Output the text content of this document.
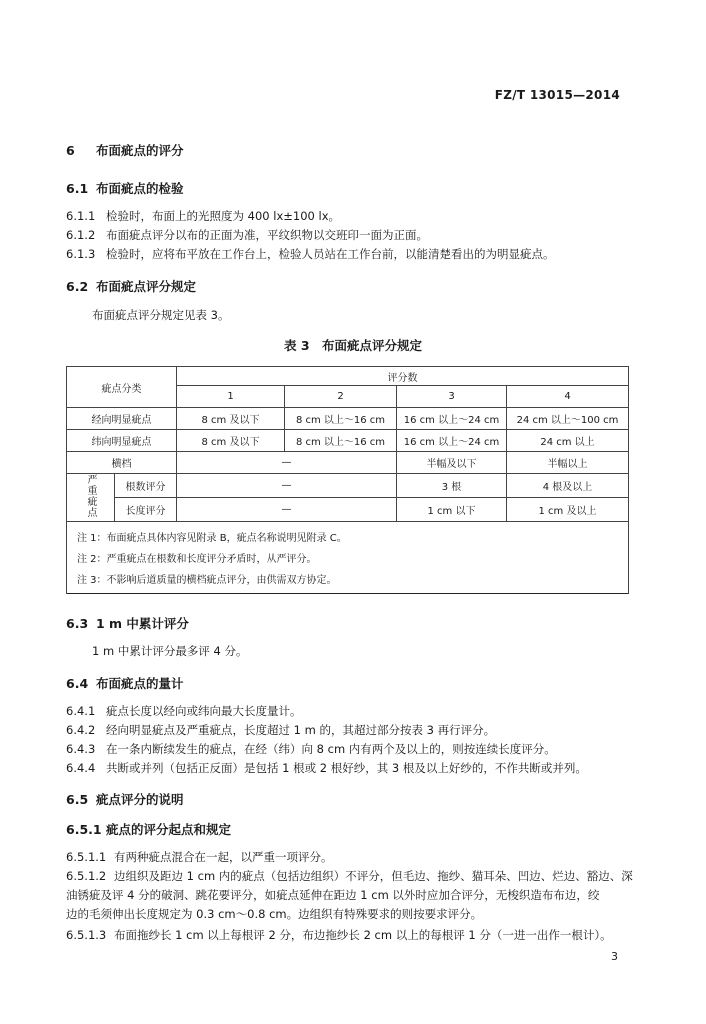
FZ/T 13015—2014
6 布面疵点的评分
6.1 布面疵点的检验
6.1.1 检验时，布面上的光照度为 400 lx±100 lx。
6.1.2 布面疵点评分以布的正面为准，平纹织物以交班印一面为正面。
6.1.3 检验时，应将布平放在工作台上，检验人员站在工作台前，以能清楚看出的为明显疵点。
6.2 布面疵点评分规定
布面疵点评分规定见表 3。
表 3　布面疵点评分规定
疵点分类		评分数			
		1	2	3	4
经向明显疵点		8 cm 及以下	8 cm 以上～16 cm	16 cm 以上～24 cm	24 cm 以上～100 cm
纬向明显疵点		8 cm 及以下	8 cm 以上～16 cm	16 cm 以上～24 cm	24 cm 以上
横档		—		半幅及以下	半幅以上
严重疵点	根数评分	—		3 根	4 根及以上
	长度评分	—		1 cm 以下	1 cm 及以上
注 1：布面疵点具体内容见附录 B，疵点名称说明见附录 C。					
注 2：严重疵点在根数和长度评分矛盾时，从严评分。					
注 3：不影响后道质量的横档疵点评分，由供需双方协定。					
6.3 1 m 中累计评分
1 m 中累计评分最多评 4 分。
6.4 布面疵点的量计
6.4.1 疵点长度以经向或纬向最大长度量计。
6.4.2 经向明显疵点及严重疵点，长度超过 1 m 的，其超过部分按表 3 再行评分。
6.4.3 在一条内断续发生的疵点，在经（纬）向 8 cm 内有两个及以上的，则按连续长度评分。
6.4.4 共断或并列（包括正反面）是包括 1 根或 2 根好纱，其 3 根及以上好纱的，不作共断或并列。
6.5 疵点评分的说明
6.5.1 疵点的评分起点和规定
6.5.1.1 有两种疵点混合在一起，以严重一项评分。
6.5.1.2 边组织及距边 1 cm 内的疵点（包括边组织）不评分，但毛边、拖纱、猫耳朵、凹边、烂边、豁边、深
油锈疵及评 4 分的破洞、跳花要评分，如疵点延伸在距边 1 cm 以外时应加合评分，无梭织造布布边，绞
边的毛须伸出长度规定为 0.3 cm～0.8 cm。边组织有特殊要求的则按要求评分。
6.5.1.3 布面拖纱长 1 cm 以上每根评 2 分，布边拖纱长 2 cm 以上的每根评 1 分（一进一出作一根计）。
3
